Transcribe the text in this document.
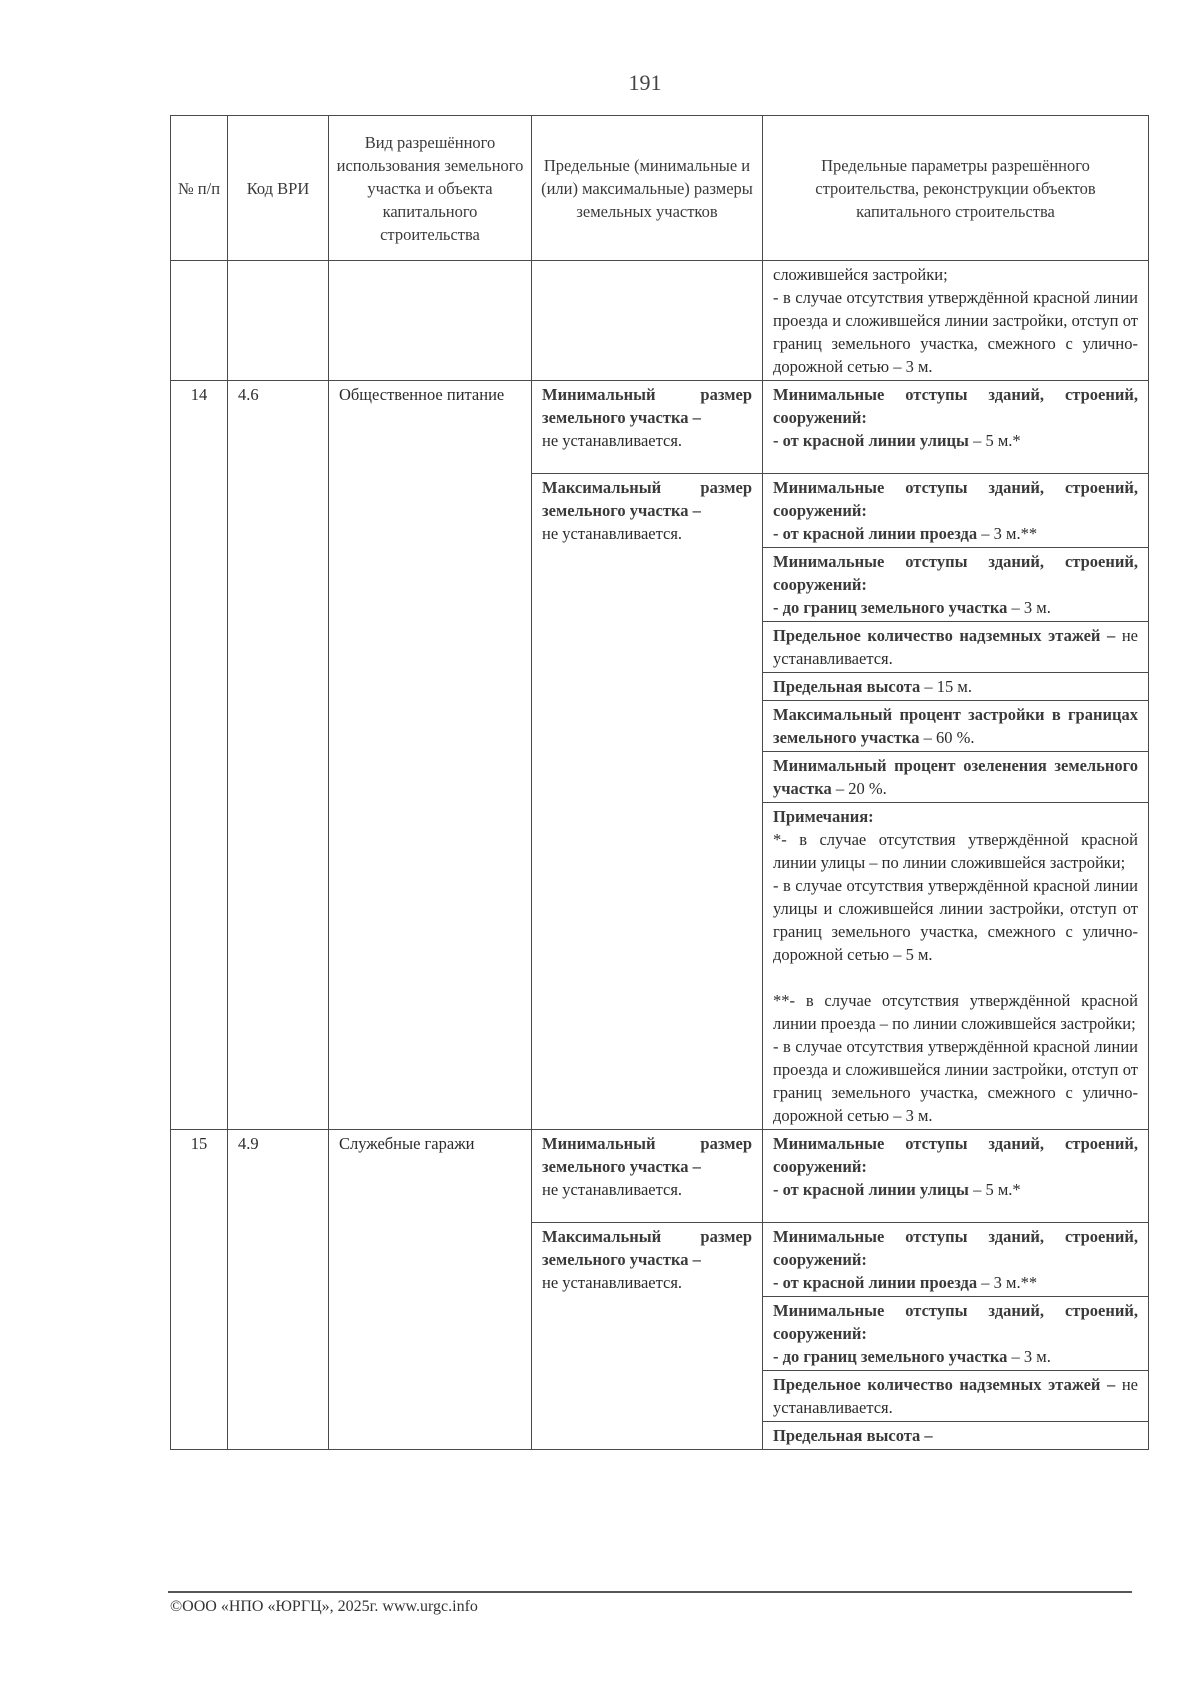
191
№ п/п	Код ВРИ	Вид разрешённого использования земельного участка и объекта капитального строительства	Предельные (минимальные и (или) максимальные) размеры земельных участков	Предельные параметры разрешённого строительства, реконструкции объектов капитального строительства

				сложившейся застройки;
- в случае отсутствия утверждённой красной линии проезда и сложившейся линии застройки, отступ от границ земельного участка, смежного с улично-дорожной сетью – 3 м.

14	4.6	Общественное питание	Минимальный размер земельного участка –
не устанавливается.	Минимальные отступы зданий, строений, сооружений:
- от красной линии улицы – 5 м.*

			Максимальный размер земельного участка –
не устанавливается.	Минимальные отступы зданий, строений, сооружений:
- от красной линии проезда – 3 м.**

				Минимальные отступы зданий, строений, сооружений:
- до границ земельного участка – 3 м.
				Предельное количество надземных этажей – не устанавливается.
				Предельная высота – 15 м.
				Максимальный процент застройки в границах земельного участка – 60 %.
				Минимальный процент озеленения земельного участка – 20 %.

				Примечания:
*- в случае отсутствия утверждённой красной линии улицы – по линии сложившейся застройки;
- в случае отсутствия утверждённой красной линии улицы и сложившейся линии застройки, отступ от границ земельного участка, смежного с улично-дорожной сетью – 5 м.
**- в случае отсутствия утверждённой красной линии проезда – по линии сложившейся застройки;
- в случае отсутствия утверждённой красной линии проезда и сложившейся линии застройки, отступ от границ земельного участка, смежного с улично-дорожной сетью – 3 м.

15	4.9	Служебные гаражи	Минимальный размер земельного участка –
не устанавливается.	Минимальные отступы зданий, строений, сооружений:
- от красной линии улицы – 5 м.*

			Максимальный размер земельного участка –
не устанавливается.	Минимальные отступы зданий, строений, сооружений:
- от красной линии проезда – 3 м.**

				Минимальные отступы зданий, строений, сооружений:
- до границ земельного участка – 3 м.
				Предельное количество надземных этажей – не устанавливается.
				Предельная высота –
©ООО «НПО «ЮРГЦ», 2025г. www.urgc.info
